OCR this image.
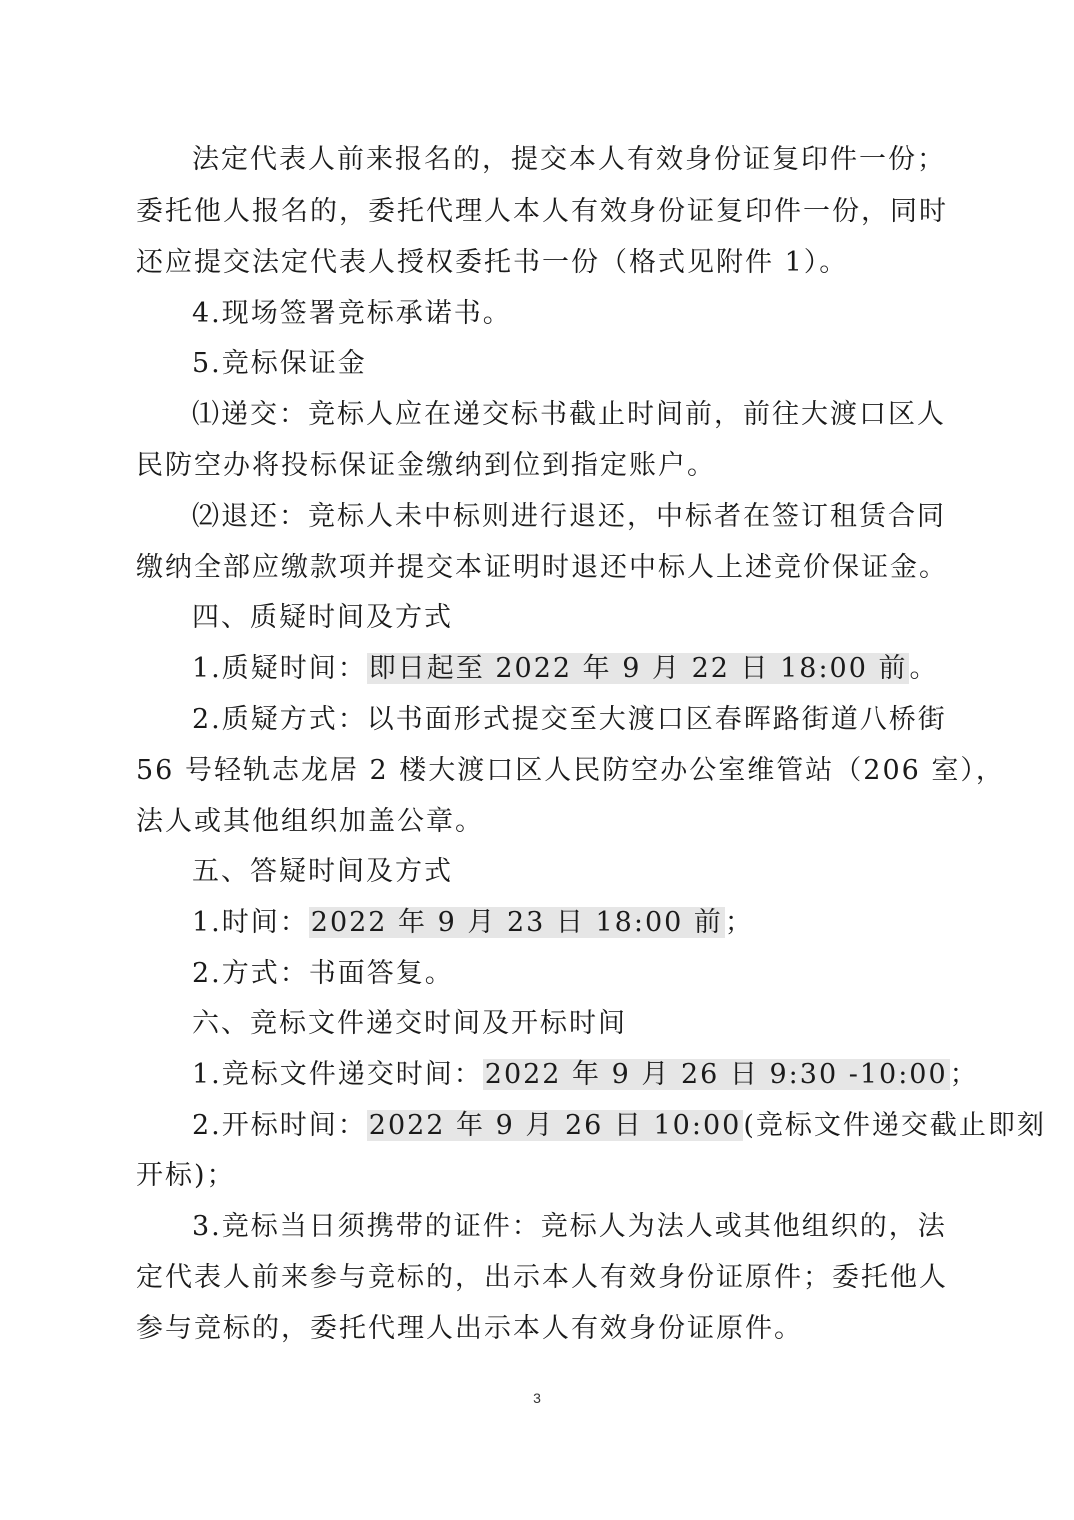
法定代表人前来报名的，提交本人有效身份证复印件一份；
委托他人报名的，委托代理人本人有效身份证复印件一份，同时
还应提交法定代表人授权委托书一份（格式见附件 1）。
4.现场签署竞标承诺书。
5.竞标保证金
⑴递交：竞标人应在递交标书截止时间前，前往大渡口区人
民防空办将投标保证金缴纳到位到指定账户。
⑵退还：竞标人未中标则进行退还，中标者在签订租赁合同
缴纳全部应缴款项并提交本证明时退还中标人上述竞价保证金。
四、质疑时间及方式
1.质疑时间：即日起至 2022 年 9 月 22 日 18:00 前。
2.质疑方式：以书面形式提交至大渡口区春晖路街道八桥街
56 号轻轨志龙居 2 楼大渡口区人民防空办公室维管站（206 室），
法人或其他组织加盖公章。
五、答疑时间及方式
1.时间：2022 年 9 月 23 日 18:00 前；
2.方式：书面答复。
六、竞标文件递交时间及开标时间
1.竞标文件递交时间：2022 年 9 月 26 日 9:30 -10:00；
2.开标时间：2022 年 9 月 26 日 10:00(竞标文件递交截止即刻
开标)；
3.竞标当日须携带的证件：竞标人为法人或其他组织的，法
定代表人前来参与竞标的，出示本人有效身份证原件；委托他人
参与竞标的，委托代理人出示本人有效身份证原件。
3
